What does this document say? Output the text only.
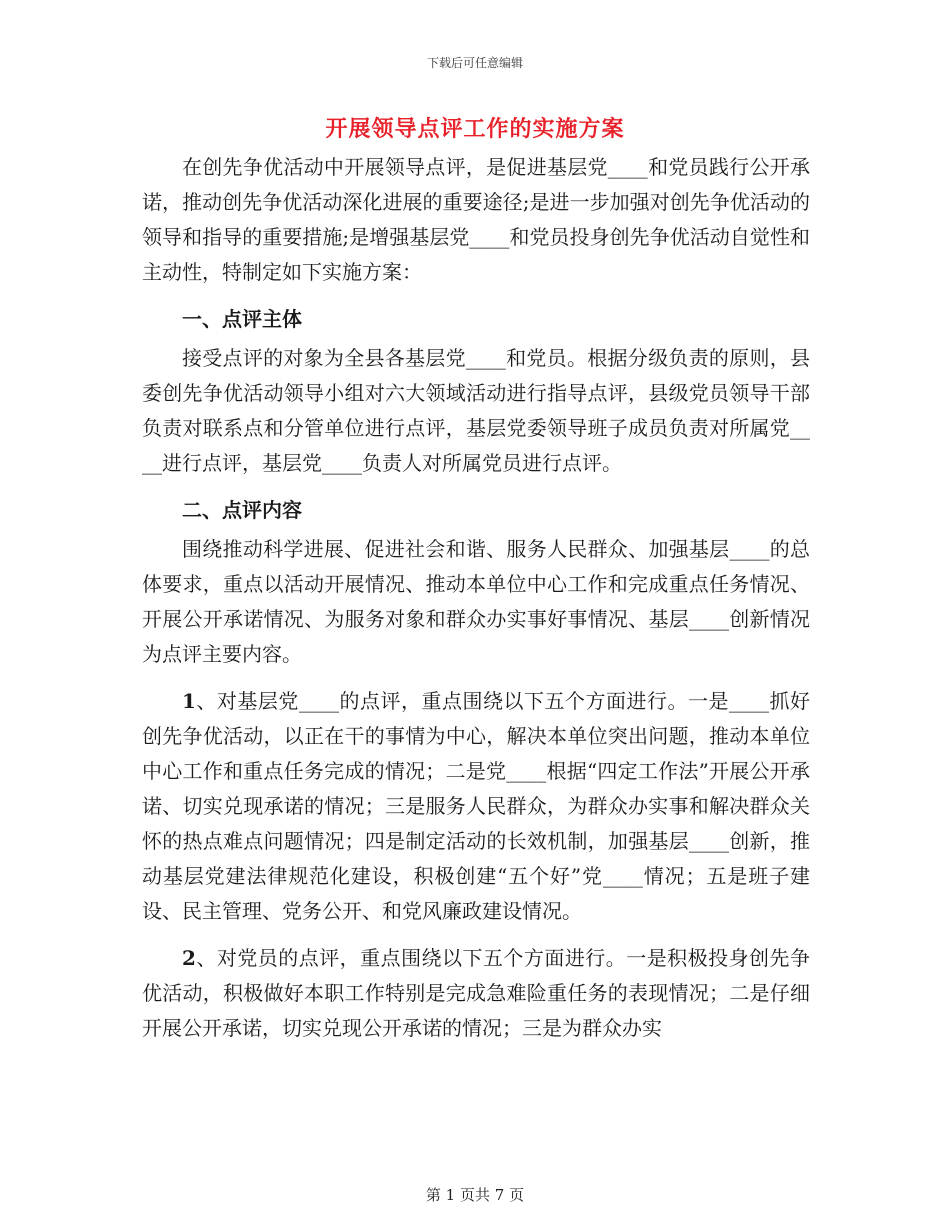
下载后可任意编辑
开展领导点评工作的实施方案

在创先争优活动中开展领导点评，是促进基层党____和党员践行公开承诺，推动创先争优活动深化进展的重要途径;是进一步加强对创先争优活动的领导和指导的重要措施;是增强基层党____和党员投身创先争优活动自觉性和主动性，特制定如下实施方案：

一、点评主体

接受点评的对象为全县各基层党____和党员。根据分级负责的原则，县委创先争优活动领导小组对六大领域活动进行指导点评，县级党员领导干部负责对联系点和分管单位进行点评，基层党委领导班子成员负责对所属党____进行点评，基层党____负责人对所属党员进行点评。

二、点评内容

围绕推动科学进展、促进社会和谐、服务人民群众、加强基层____的总体要求，重点以活动开展情况、推动本单位中心工作和完成重点任务情况、开展公开承诺情况、为服务对象和群众办实事好事情况、基层____创新情况为点评主要内容。

1、对基层党____的点评，重点围绕以下五个方面进行。一是____抓好创先争优活动，以正在干的事情为中心，解决本单位突出问题，推动本单位中心工作和重点任务完成的情况；二是党____根据“四定工作法”开展公开承诺、切实兑现承诺的情况；三是服务人民群众，为群众办实事和解决群众关怀的热点难点问题情况；四是制定活动的长效机制，加强基层____创新，推动基层党建法律规范化建设，积极创建“五个好”党____情况；五是班子建设、民主管理、党务公开、和党风廉政建设情况。

2、对党员的点评，重点围绕以下五个方面进行。一是积极投身创先争优活动，积极做好本职工作特别是完成急难险重任务的表现情况；二是仔细开展公开承诺，切实兑现公开承诺的情况；三是为群众办实

第 1 页共 7 页
